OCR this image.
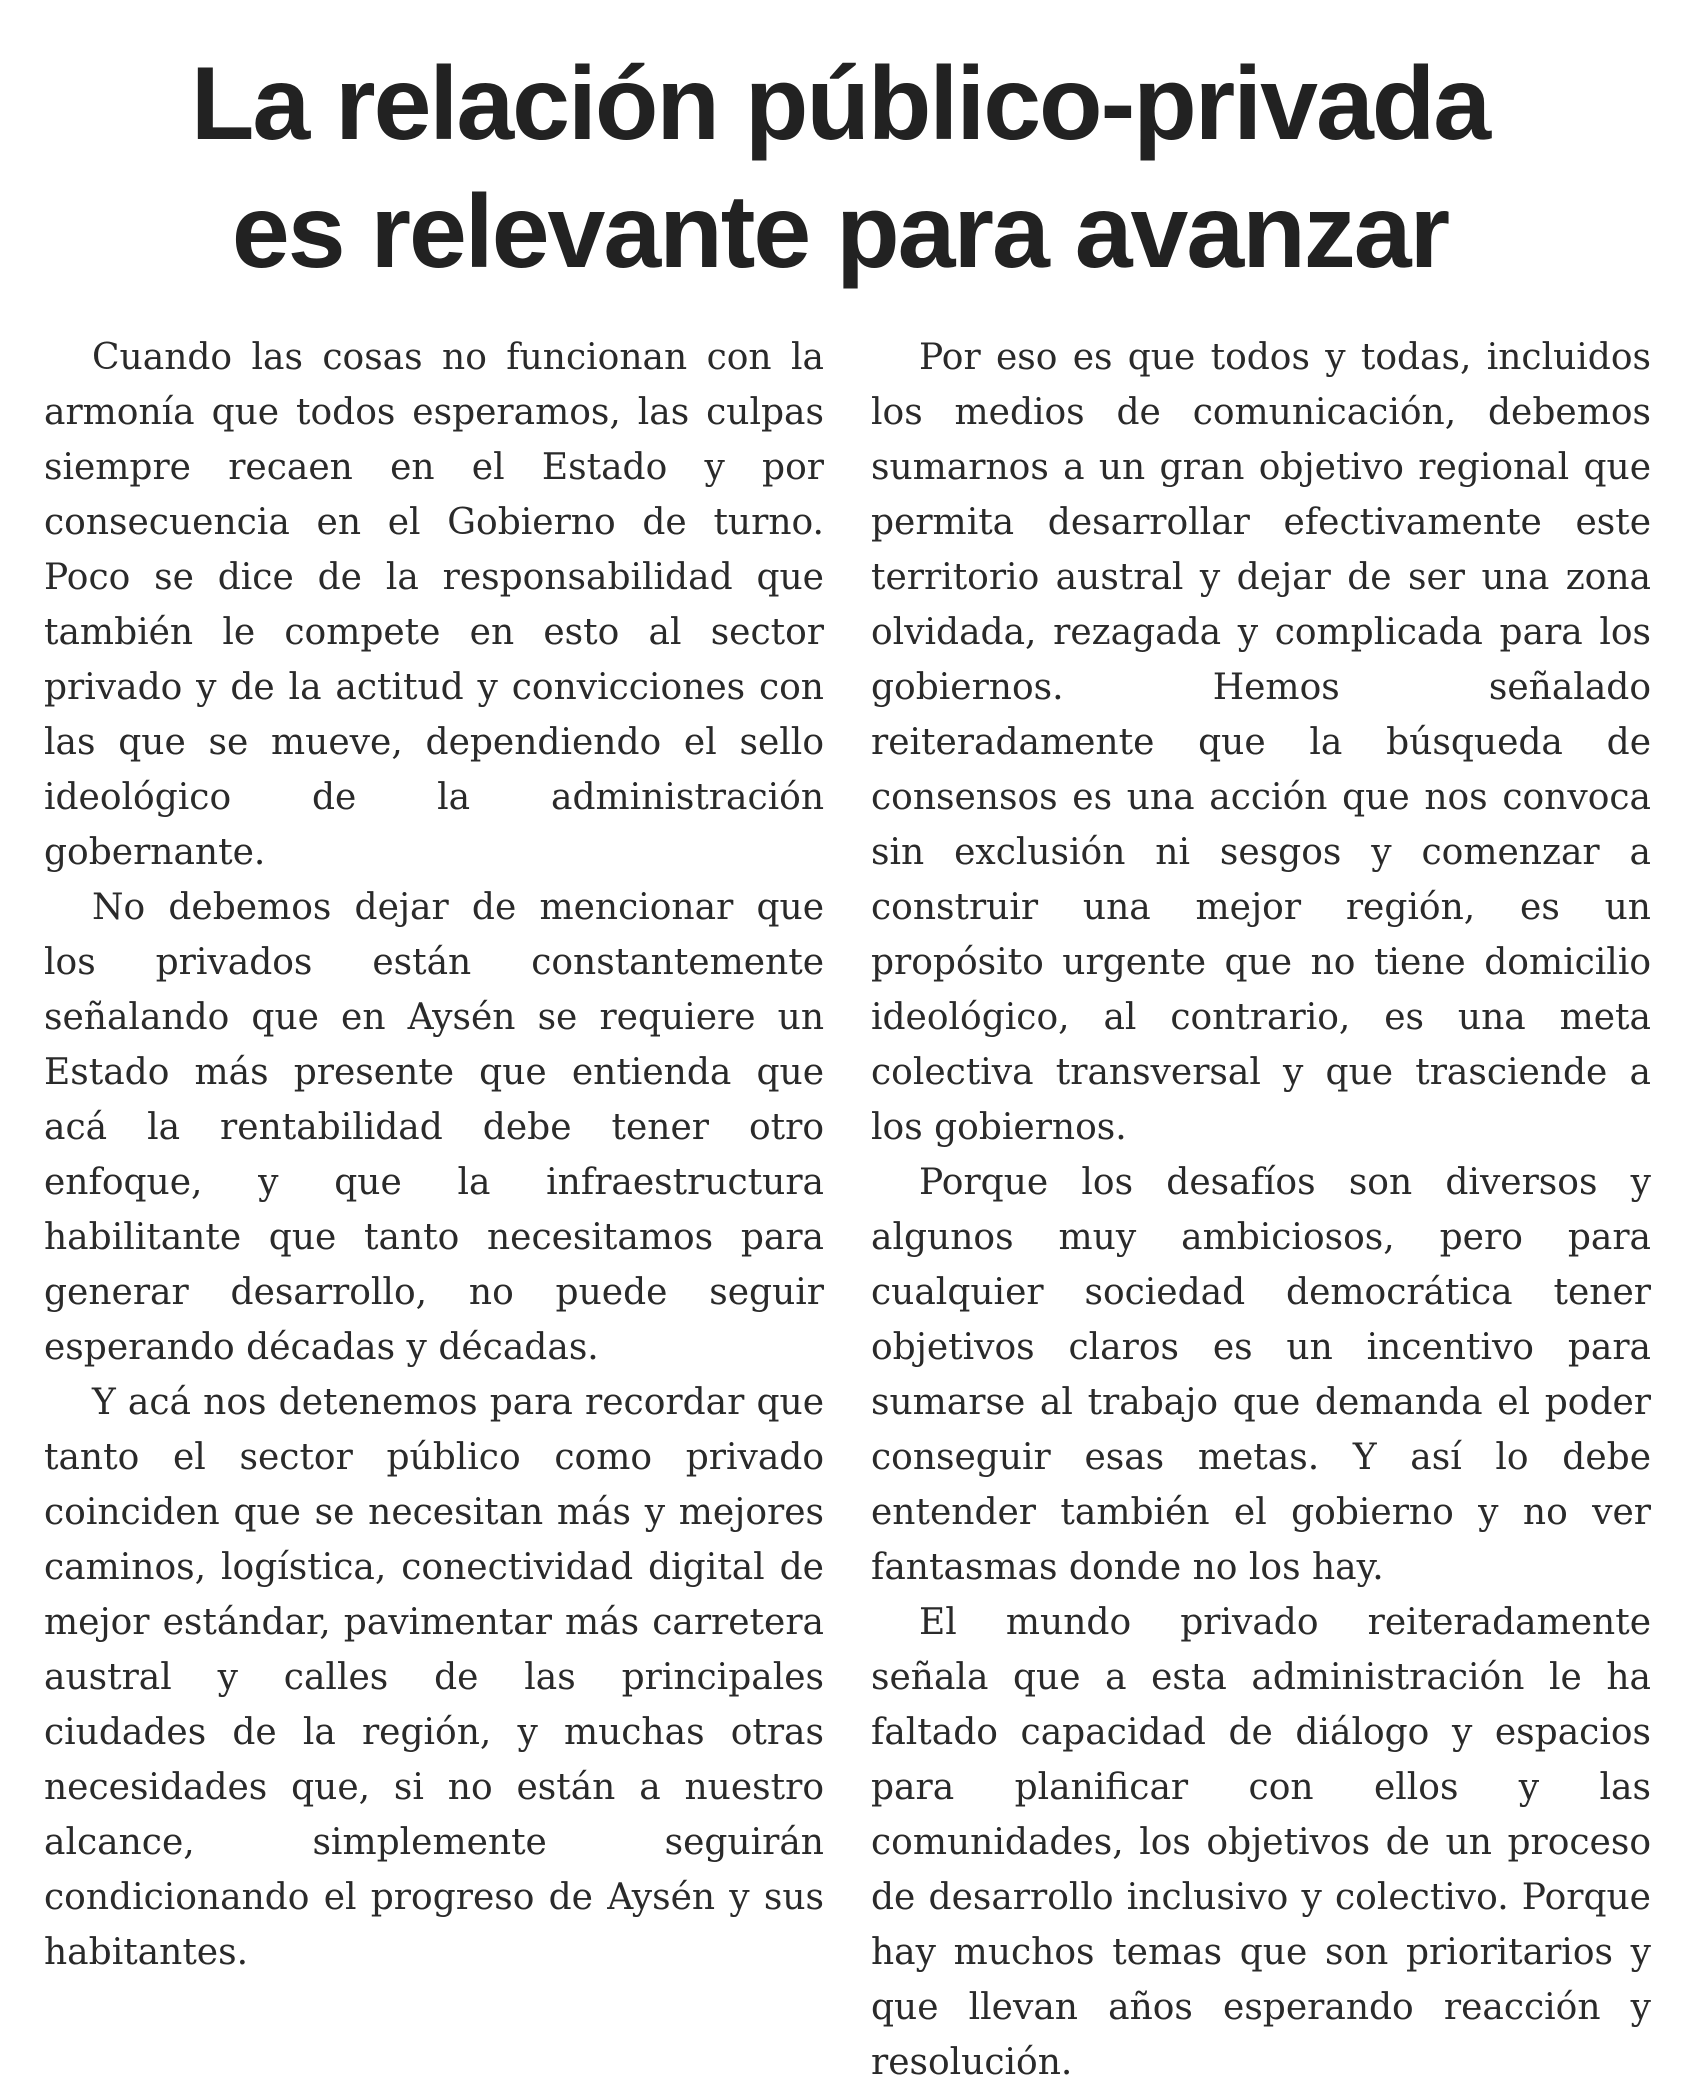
La relación público-privada
es relevante para avanzar

Cuando las cosas no funcionan con la armonía que todos esperamos, las culpas siempre recaen en el Estado y por consecuencia en el Gobierno de turno. Poco se dice de la responsabilidad que también le compete en esto al sector privado y de la actitud y convicciones con las que se mueve, dependiendo el sello ideológico de la administración gobernante.

No debemos dejar de mencionar que los privados están constantemente señalando que en Aysén se requiere un Estado más presente que entienda que acá la rentabilidad debe tener otro enfoque, y que la infraestructura habilitante que tanto necesitamos para generar desarrollo, no puede seguir esperando décadas y décadas.

Y acá nos detenemos para recordar que tanto el sector público como privado coinciden que se necesitan más y mejores caminos, logística, conectividad digital de mejor estándar, pavimentar más carretera austral y calles de las principales ciudades de la región, y muchas otras necesidades que, si no están a nuestro alcance, simplemente seguirán condicionando el progreso de Aysén y sus habitantes.

Por eso es que todos y todas, incluidos los medios de comunicación, debemos sumarnos a un gran objetivo regional que permita desarrollar efectivamente este territorio austral y dejar de ser una zona olvidada, rezagada y complicada para los gobiernos. Hemos señalado reiteradamente que la búsqueda de consensos es una acción que nos convoca sin exclusión ni sesgos y comenzar a construir una mejor región, es un propósito urgente que no tiene domicilio ideológico, al contrario, es una meta colectiva transversal y que trasciende a los gobiernos.

Porque los desafíos son diversos y algunos muy ambiciosos, pero para cualquier sociedad democrática tener objetivos claros es un incentivo para sumarse al trabajo que demanda el poder conseguir esas metas. Y así lo debe entender también el gobierno y no ver fantasmas donde no los hay.

El mundo privado reiteradamente señala que a esta administración le ha faltado capacidad de diálogo y espacios para planificar con ellos y las comunidades, los objetivos de un proceso de desarrollo inclusivo y colectivo. Porque hay muchos temas que son prioritarios y que llevan años esperando reacción y resolución.
